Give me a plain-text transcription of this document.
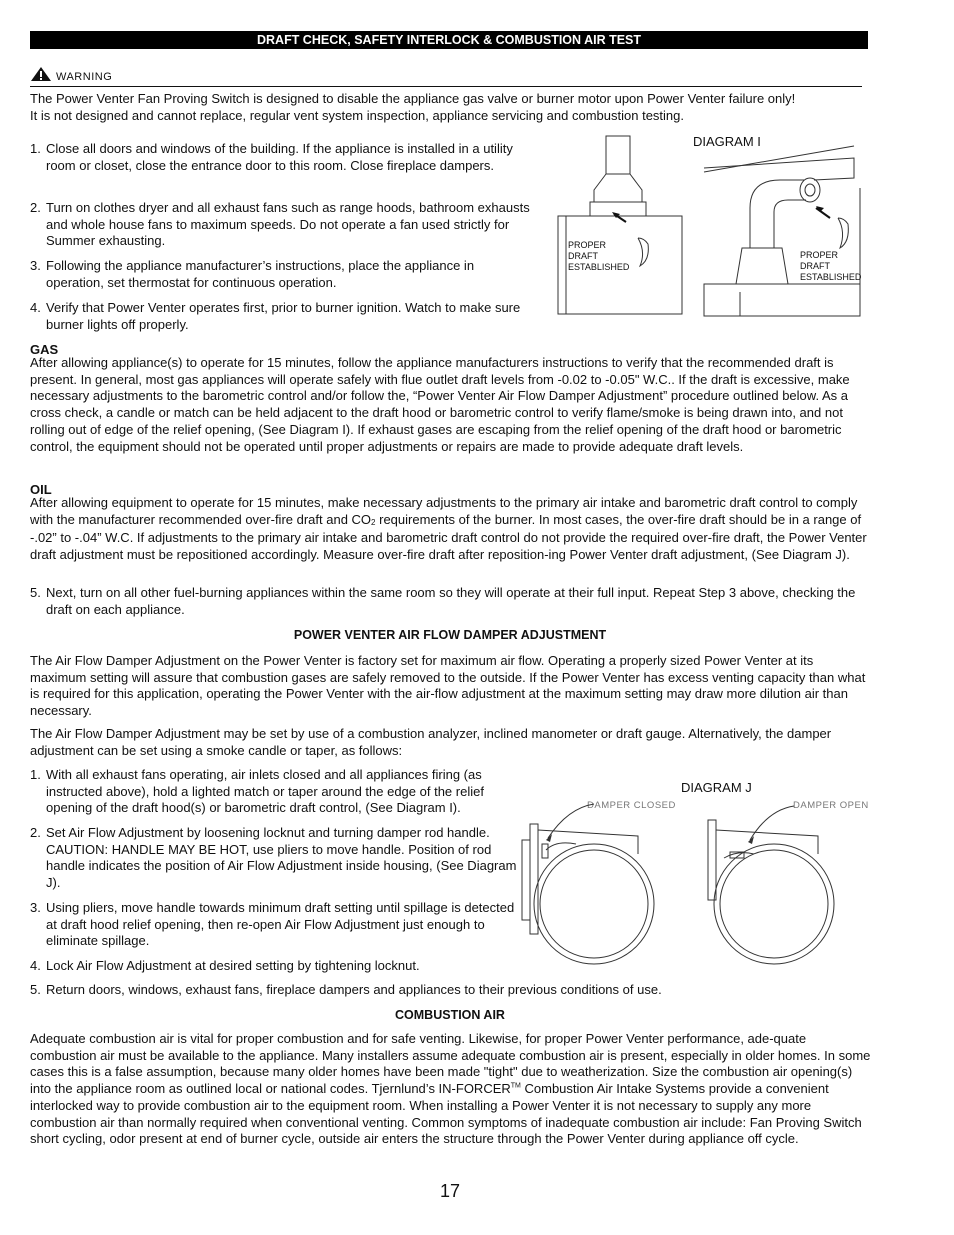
DRAFT CHECK, SAFETY INTERLOCK & COMBUSTION AIR TEST
WARNING

The Power Venter Fan Proving Switch is designed to disable the appliance gas valve or burner motor upon Power Venter failure only!

It is not designed and cannot replace, regular vent system inspection, appliance servicing and combustion testing.

1. Close all doors and windows of the building. If the appliance is installed in a utility room or closet, close the entrance door to this room. Close fireplace dampers.
2. Turn on clothes dryer and all exhaust fans such as range hoods, bathroom exhausts and whole house fans to maximum speeds. Do not operate a fan used strictly for Summer exhausting.
3. Following the appliance manufacturer’s instructions, place the appliance in operation, set thermostat for continuous operation.
4. Verify that Power Venter operates first, prior to burner ignition. Watch to make sure burner lights off properly.
DIAGRAM I
PROPER
DRAFT
ESTABLISHED
PROPER
DRAFT
ESTABLISHED
GAS

After allowing appliance(s) to operate for 15 minutes, follow the appliance manufacturers instructions to verify that the recommended draft is present. In general, most gas appliances will operate safely with flue outlet draft levels from -0.02 to -0.05" W.C.. If the draft is excessive, make necessary adjustments to the barometric control and/or follow the, “Power Venter Air Flow Damper Adjustment” procedure outlined below. As a cross check, a candle or match can be held adjacent to the draft hood or barometric control to verify flame/smoke is being drawn into, and not rolling out of edge of the relief opening, (See Diagram I). If exhaust gases are escaping from the relief opening of the draft hood or barometric control, the equipment should not be operated until proper adjustments or repairs are made to provide adequate draft levels.

OIL

After allowing equipment to operate for 15 minutes, make necessary adjustments to the primary air intake and barometric draft control to comply with the manufacturer recommended over-fire draft and $CO_2$ requirements of the burner. In most cases, the over-fire draft should be in a range of -.02” to -.04” W.C. If adjustments to the primary air intake and barometric draft control do not provide the required over-fire draft, the Power Venter draft adjustment must be repositioned accordingly. Measure over-fire draft after reposition-ing Power Venter draft adjustment, (See Diagram J).

5. Next, turn on all other fuel-burning appliances within the same room so they will operate at their full input. Repeat Step 3 above, checking the draft on each appliance.
POWER VENTER AIR FLOW DAMPER ADJUSTMENT

The Air Flow Damper Adjustment on the Power Venter is factory set for maximum air flow. Operating a properly sized Power Venter at its maximum setting will assure that combustion gases are safely removed to the outside. If the Power Venter has excess venting capacity than what is required for this application, operating the Power Venter with the air-flow adjustment at the maximum setting may draw more dilution air than necessary.

The Air Flow Damper Adjustment may be set by use of a combustion analyzer, inclined manometer or draft gauge. Alternatively, the damper adjustment can be set using a smoke candle or taper, as follows:

1. With all exhaust fans operating, air inlets closed and all appliances firing (as instructed above), hold a lighted match or taper around the edge of the relief opening of the draft hood(s) or barometric draft control, (See Diagram I).
2. Set Air Flow Adjustment by loosening locknut and turning damper rod handle. CAUTION: HANDLE MAY BE HOT, use pliers to move handle. Position of rod handle indicates the position of Air Flow Adjustment inside housing, (See Diagram J).
3. Using pliers, move handle towards minimum draft setting until spillage is detected at draft hood relief opening, then re-open Air Flow Adjustment just enough to eliminate spillage.
4. Lock Air Flow Adjustment at desired setting by tightening locknut.
5. Return doors, windows, exhaust fans, fireplace dampers and appliances to their previous conditions of use.
DIAGRAM J
DAMPER CLOSED	DAMPER OPEN
COMBUSTION AIR

Adequate combustion air is vital for proper combustion and for safe venting. Likewise, for proper Power Venter performance, ade-quate combustion air must be available to the appliance. Many installers assume adequate combustion air is present, especially in older homes. In some cases this is a false assumption, because many older homes have been made "tight" due to weatherization. Size the combustion air opening(s) into the appliance room as outlined local or national codes. Tjernlund’s IN-FORCER™ Combustion Air Intake Systems provide a convenient interlocked way to provide combustion air to the equipment room. When installing a Power Venter it is not necessary to supply any more combustion air than normally required when conventional venting. Common symptoms of inadequate combustion air include: Fan Proving Switch short cycling, odor present at end of burner cycle, outside air enters the structure through the Power Venter during appliance off cycle.

17
